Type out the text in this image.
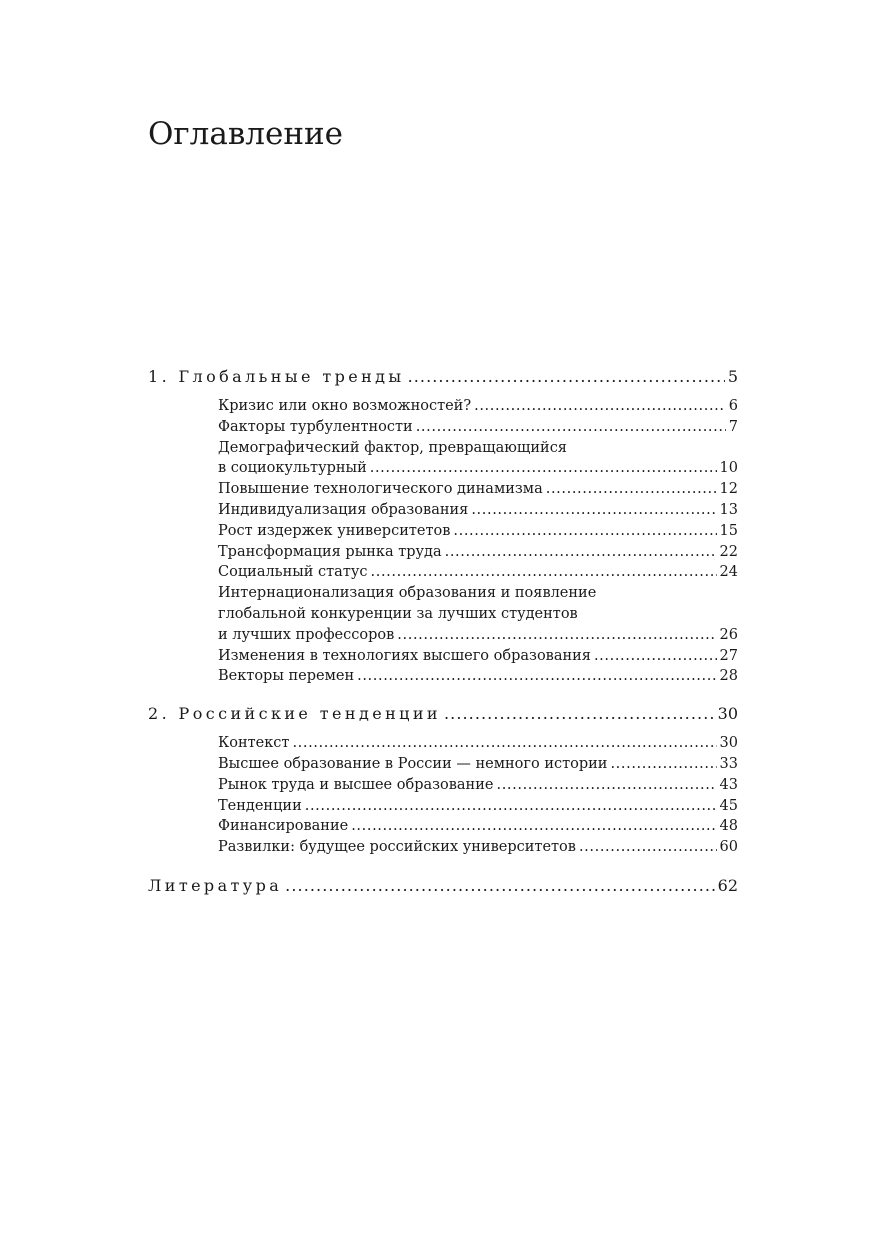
Оглавление
1. Глобальные тренды . . .	5
Кризис или окно возможностей? . . .	6
Факторы турбулентности . . .	7
Демографический фактор, превращающийся
в социокультурный . . .	10
Повышение технологического динамизма . . .	12
Индивидуализация образования . . .	13
Рост издержек университетов . . .	15
Трансформация рынка труда . . .	22
Социальный статус . . .	24
Интернационализация образования и появление
глобальной конкуренции за лучших студентов
и лучших профессоров . . .	26
Изменения в технологиях высшего образования . . .	27
Векторы перемен . . .	28
2. Российские тенденции . . .	30
Контекст . . .	30
Высшее образование в России — немного истории . . .	33
Рынок труда и высшее образование . . .	43
Тенденции . . .	45
Финансирование . . .	48
Развилки: будущее российских университетов . . .	60
Литература . . .	62
